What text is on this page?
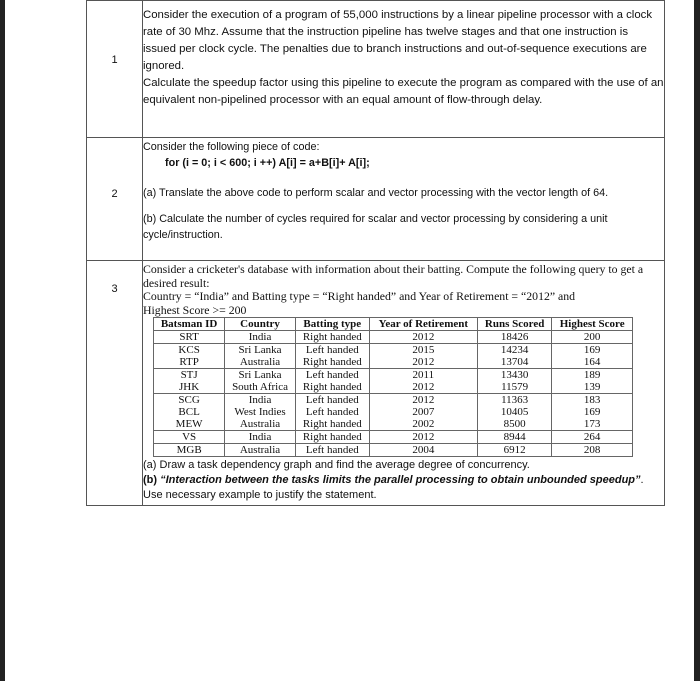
1

Consider the execution of a program of 55,000 instructions by a linear pipeline processor with a clock rate of 30 Mhz. Assume that the instruction pipeline has twelve stages and that one instruction is issued per clock cycle. The penalties due to branch instructions and out-of-sequence executions are ignored.

Calculate the speedup factor using this pipeline to execute the program as compared with the use of an equivalent non-pipelined processor with an equal amount of flow-through delay.

2

Consider the following piece of code:

for (i = 0; i < 600; i ++) A[i] = a+B[i]+ A[i];

(a) Translate the above code to perform scalar and vector processing with the vector length of 64.

(b) Calculate the number of cycles required for scalar and vector processing by considering a unit cycle/instruction.

3

Consider a cricketer's database with information about their batting. Compute the following query to get a desired result:

Country = “India” and Batting type = “Right handed” and Year of Retirement = “2012” and

Highest Score >= 200

Batsman ID	Country	Batting type	Year of Retirement	Runs Scored	Highest Score
SRT	India	Right handed	2012	18426	200
KCS	Sri Lanka	Left handed	2015	14234	169
RTP	Australia	Right handed	2012	13704	164
STJ	Sri Lanka	Left handed	2011	13430	189
JHK	South Africa	Right handed	2012	11579	139
SCG	India	Left handed	2012	11363	183
BCL	West Indies	Left handed	2007	10405	169
MEW	Australia	Right handed	2002	8500	173
VS	India	Right handed	2012	8944	264
MGB	Australia	Left handed	2004	6912	208

(a) Draw a task dependency graph and find the average degree of concurrency.

(b) “Interaction between the tasks limits the parallel processing to obtain unbounded speedup”. Use necessary example to justify the statement.
